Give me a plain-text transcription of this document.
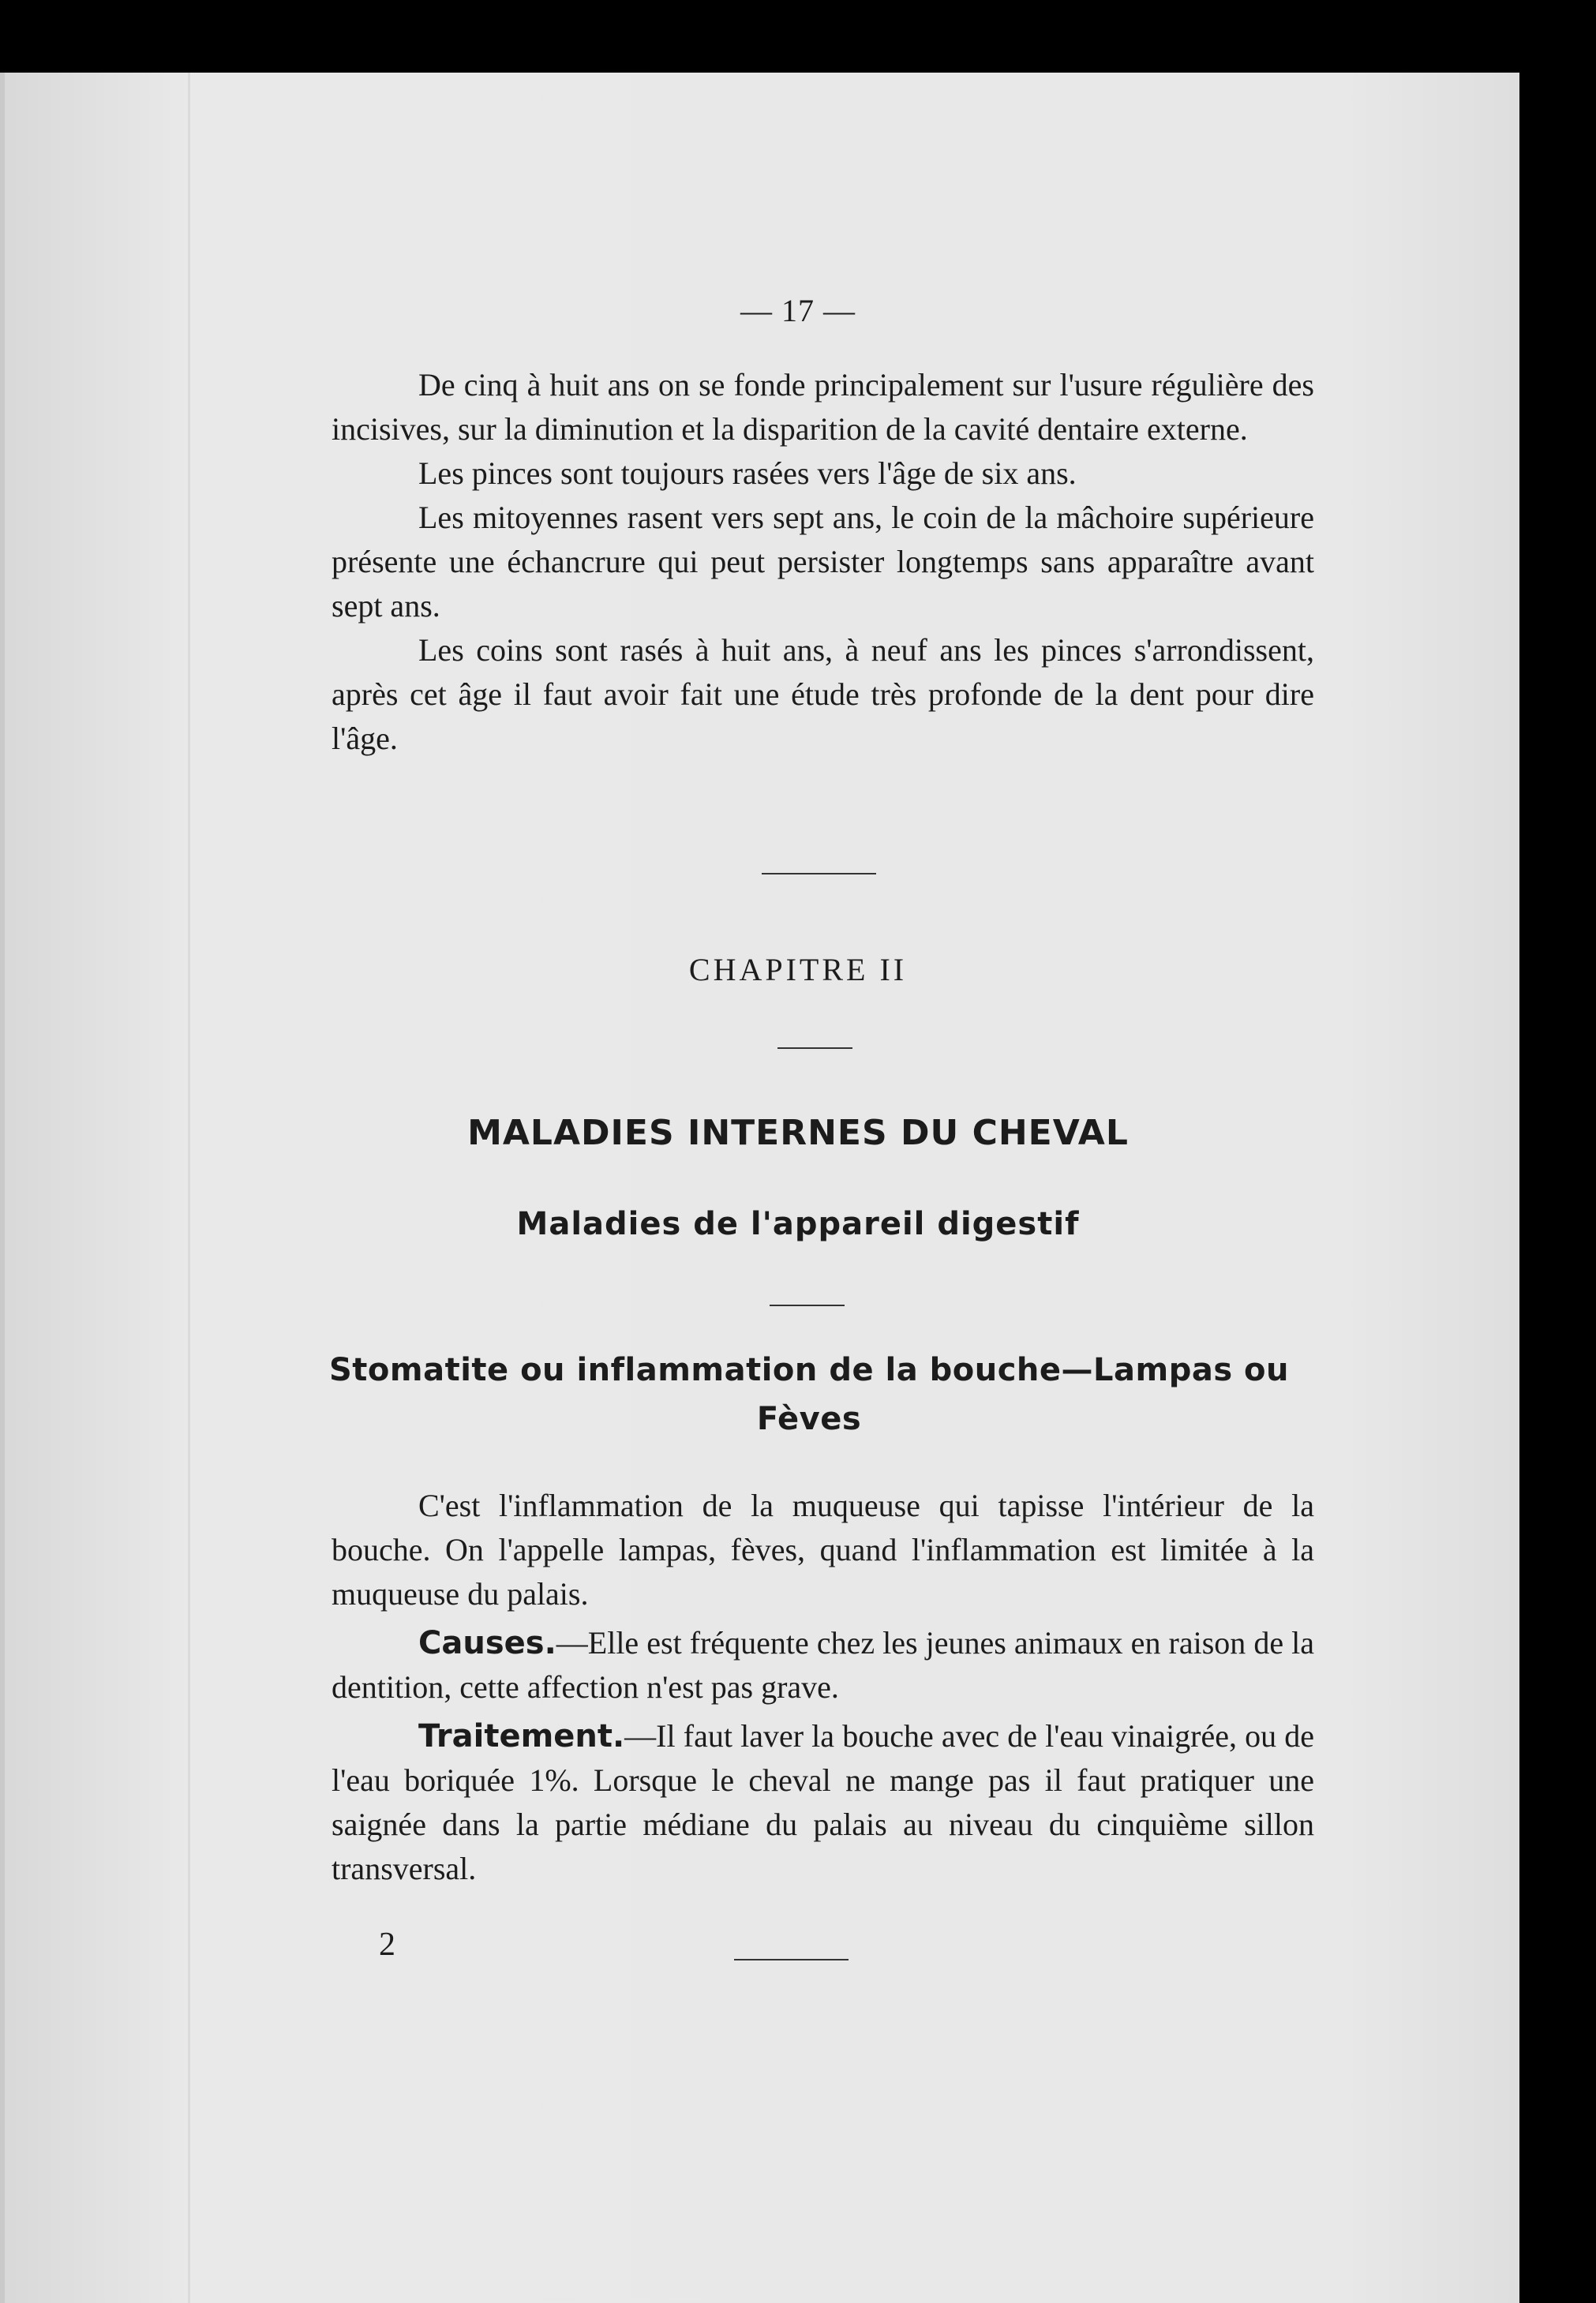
— 17 —

De cinq à huit ans on se fonde principalement sur l'usure régulière des incisives, sur la diminution et la disparition de la cavité dentaire externe.

Les pinces sont toujours rasées vers l'âge de six ans.

Les mitoyennes rasent vers sept ans, le coin de la mâchoire supérieure présente une échancrure qui peut persister longtemps sans apparaître avant sept ans.

Les coins sont rasés à huit ans, à neuf ans les pinces s'arrondissent, après cet âge il faut avoir fait une étude très profonde de la dent pour dire l'âge.

CHAPITRE II
MALADIES INTERNES DU CHEVAL
Maladies de l'appareil digestif
Stomatite ou inflammation de la bouche—Lampas ou Fèves

C'est l'inflammation de la muqueuse qui tapisse l'intérieur de la bouche. On l'appelle lampas, fèves, quand l'inflammation est limitée à la muqueuse du palais.

Causes.—Elle est fréquente chez les jeunes animaux en raison de la dentition, cette affection n'est pas grave.

Traitement.—Il faut laver la bouche avec de l'eau vinaigrée, ou de l'eau boriquée 1%. Lorsque le cheval ne mange pas il faut pratiquer une saignée dans la partie médiane du palais au niveau du cinquième sillon transversal.

2
